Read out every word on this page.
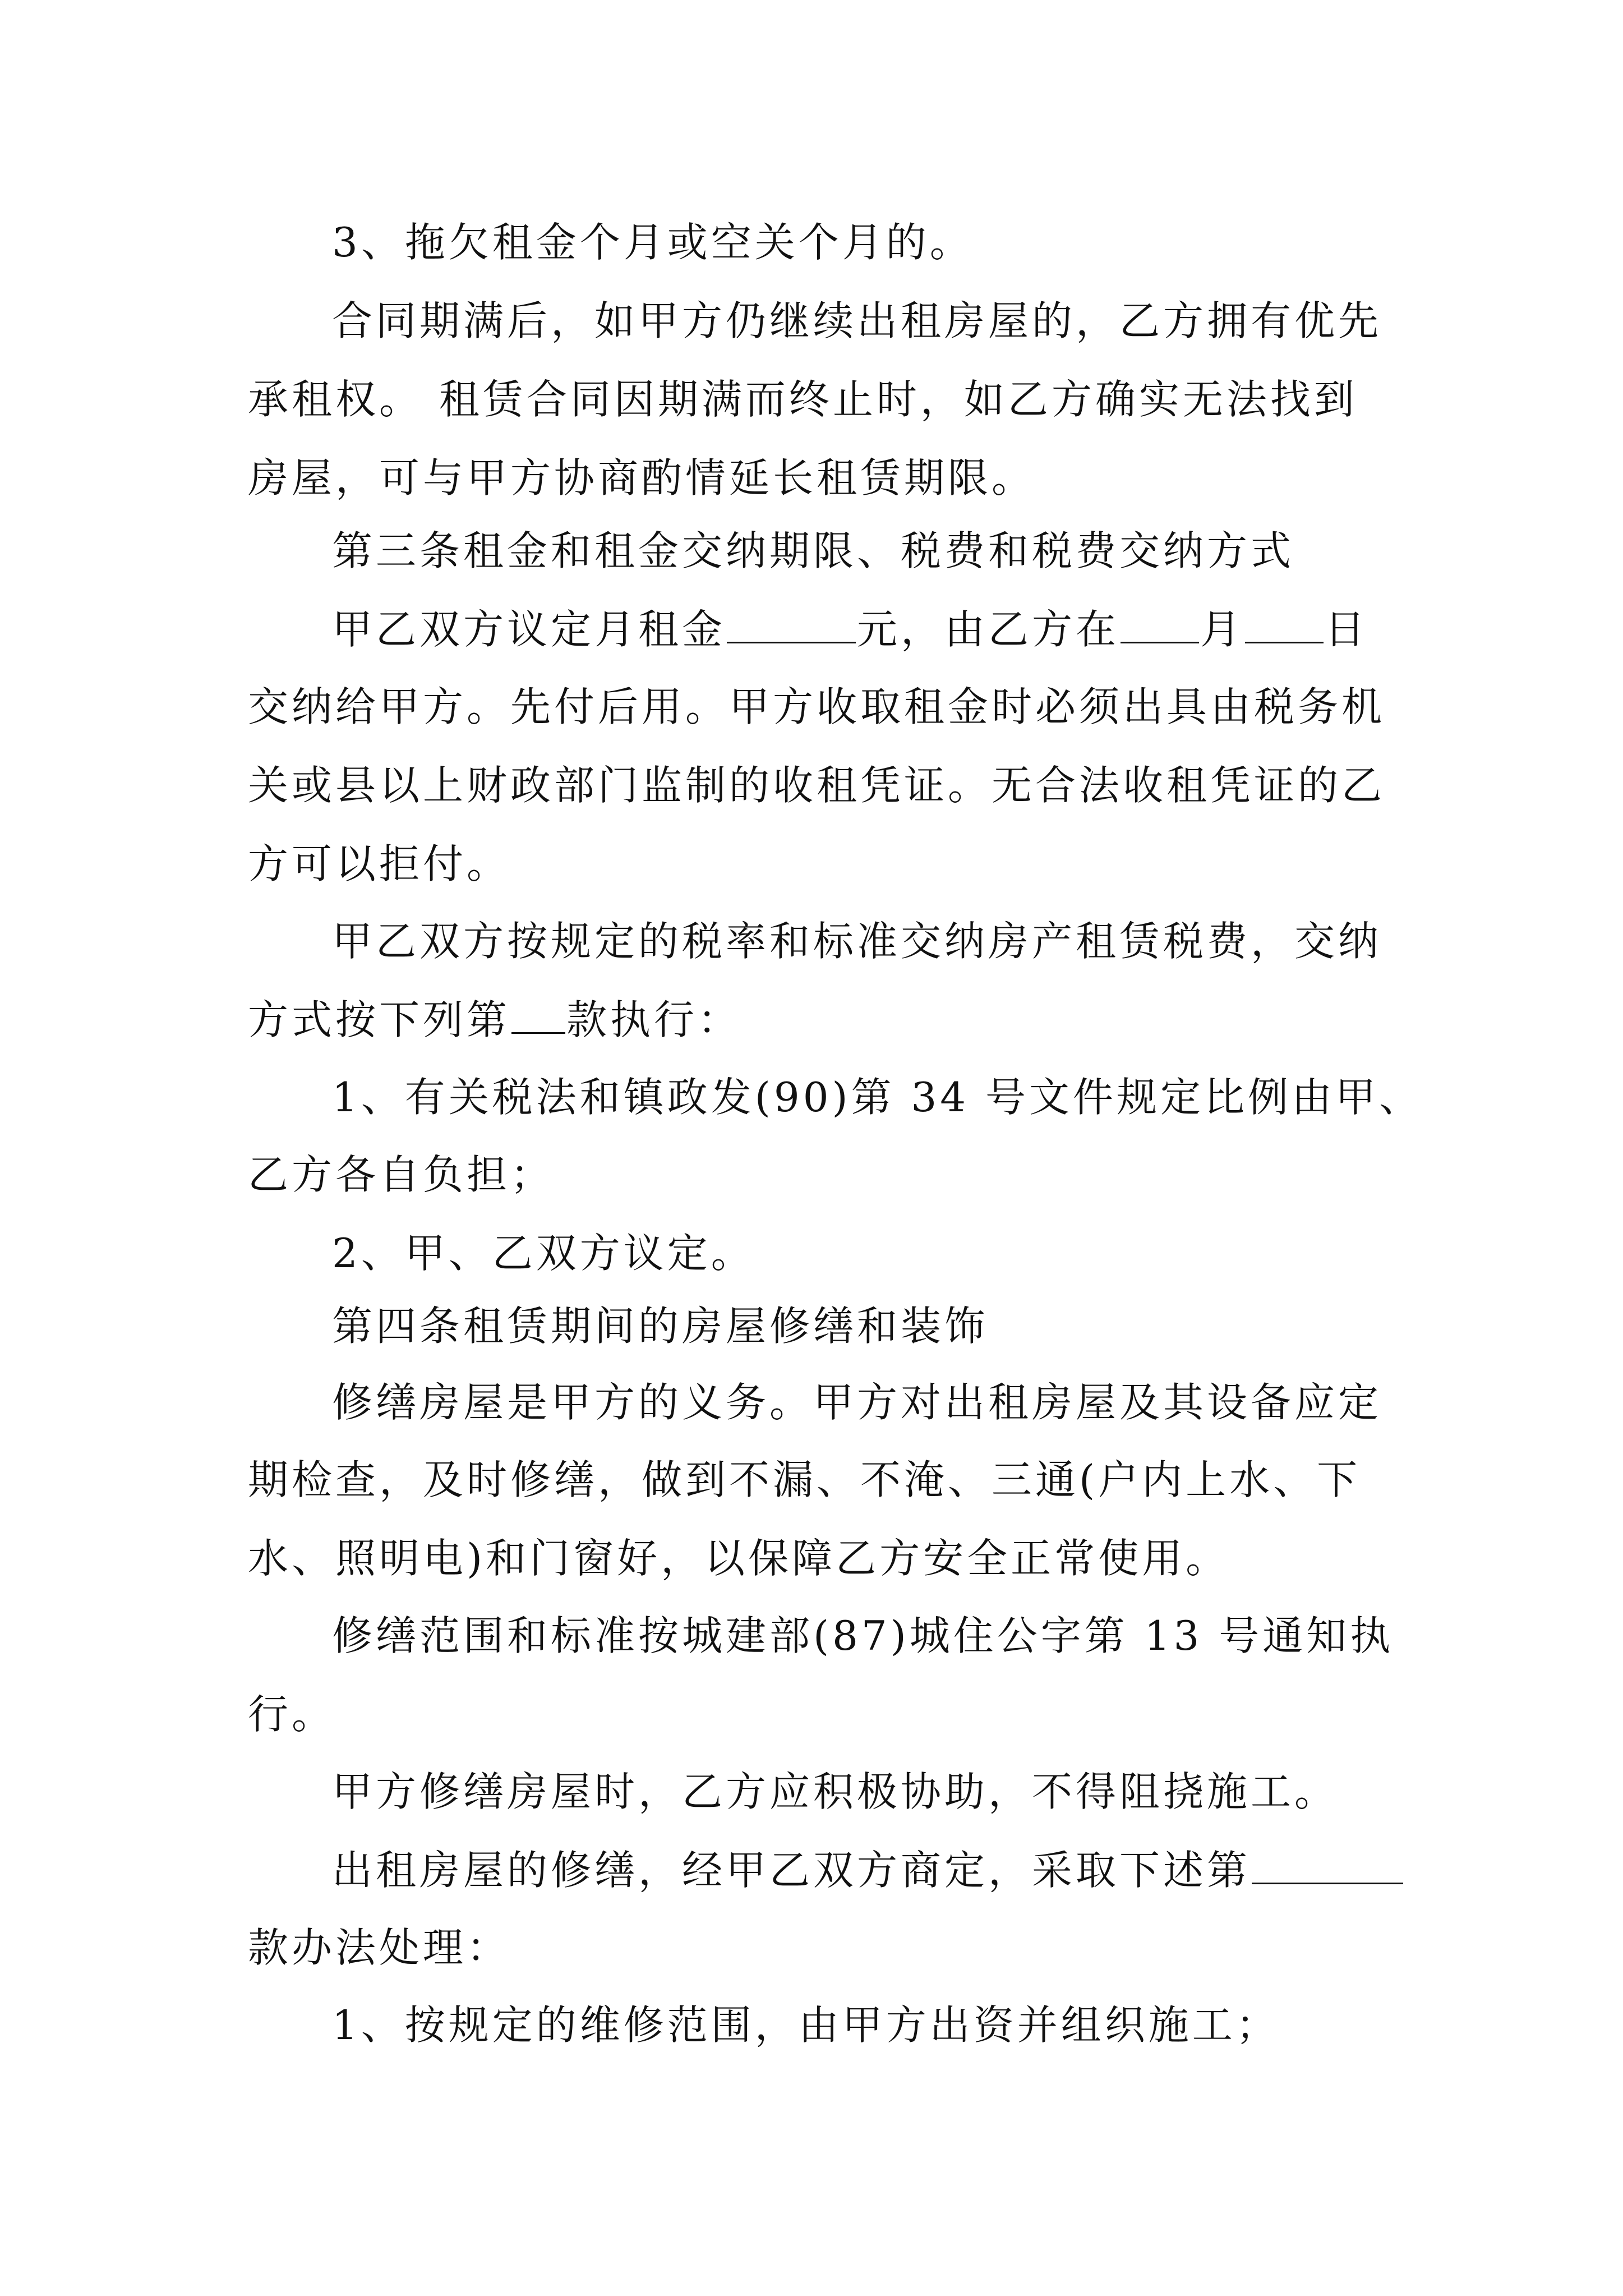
3、拖欠租金个月或空关个月的。
合同期满后，如甲方仍继续出租房屋的，乙方拥有优先
承租权。 租赁合同因期满而终止时，如乙方确实无法找到
房屋，可与甲方协商酌情延长租赁期限。
第三条租金和租金交纳期限、税费和税费交纳方式
甲乙双方议定月租金	元，由乙方在 月 日
交纳给甲方。先付后用。甲方收取租金时必须出具由税务机
关或县以上财政部门监制的收租凭证。无合法收租凭证的乙
方可以拒付。
甲乙双方按规定的税率和标准交纳房产租赁税费，交纳
方式按下列第 款执行：
1、有关税法和镇政发(90)第 34 号文件规定比例由甲、
乙方各自负担；
2、甲、乙双方议定。
第四条租赁期间的房屋修缮和装饰
修缮房屋是甲方的义务。甲方对出租房屋及其设备应定
期检查，及时修缮，做到不漏、不淹、三通(户内上水、下
水、照明电)和门窗好，以保障乙方安全正常使用。
修缮范围和标准按城建部(87)城住公字第 13 号通知执
行。
甲方修缮房屋时，乙方应积极协助，不得阻挠施工。
出租房屋的修缮，经甲乙双方商定，采取下述第
款办法处理：
1、按规定的维修范围，由甲方出资并组织施工；
